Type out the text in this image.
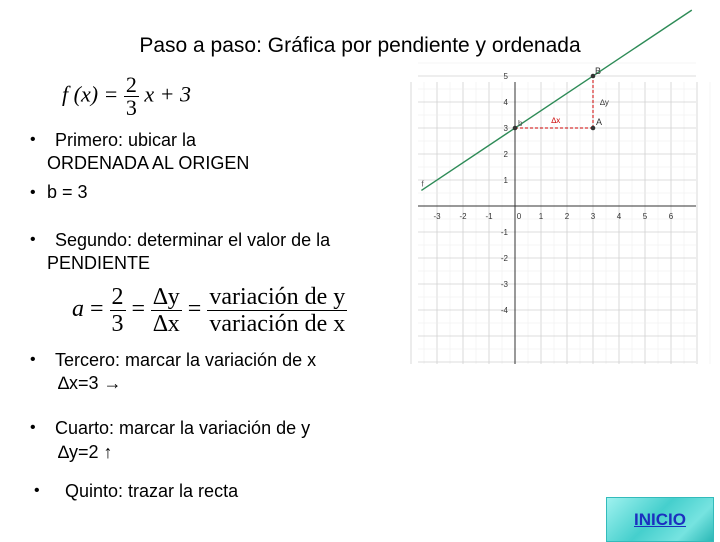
Paso a paso: Gráfica por pendiente y ordenada
f $(x) = \frac{2}{3}$ x + 3
• Primero: ubicar la
ORDENADA AL ORIGEN
• b = 3
• Segundo: determinar el valor de la
PENDIENTE
$a = \frac{2}{3} = \frac{\Delta y}{\Delta x} = \frac{\text{variación de y}}{\text{variación de x}}$
• Tercero: marcar la variación de x
∆x=3 →
• Cuarto: marcar la variación de y
∆y=2 ↑
• Quinto: trazar la recta
-3 -2 -1	0 1	2	3	4	5	6
5
4
3
2
1
-1
-2
-3
-4
b	A
B
∆x
∆y
f
INICIO
